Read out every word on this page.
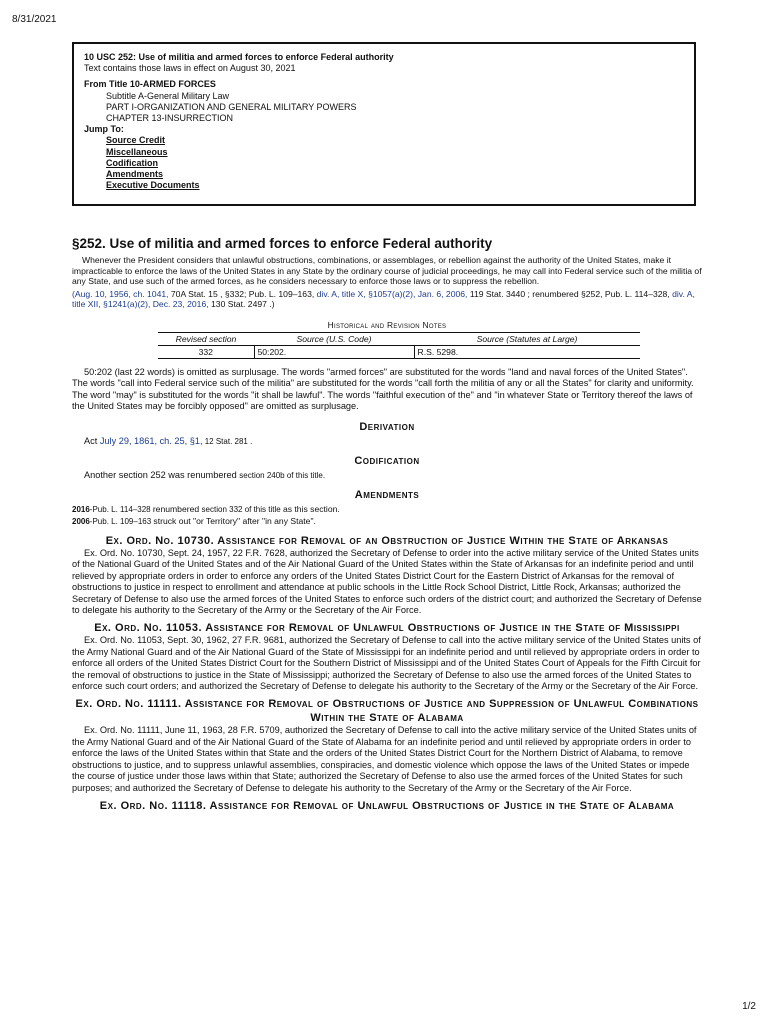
8/31/2021
10 USC 252: Use of militia and armed forces to enforce Federal authority
Text contains those laws in effect on August 30, 2021
From Title 10-ARMED FORCES
Subtitle A-General Military Law
PART I-ORGANIZATION AND GENERAL MILITARY POWERS
CHAPTER 13-INSURRECTION
Jump To:
Source Credit
Miscellaneous
Codification
Amendments
Executive Documents
§252. Use of militia and armed forces to enforce Federal authority

Whenever the President considers that unlawful obstructions, combinations, or assemblages, or rebellion against the authority of the United States, make it impracticable to enforce the laws of the United States in any State by the ordinary course of judicial proceedings, he may call into Federal service such of the militia of any State, and use such of the armed forces, as he considers necessary to enforce those laws or to suppress the rebellion.

(Aug. 10, 1956, ch. 1041, 70A Stat. 15 , §332; Pub. L. 109–163, div. A, title X, §1057(a)(2), Jan. 6, 2006, 119 Stat. 3440 ; renumbered §252, Pub. L. 114–328, div. A, title XII, §1241(a)(2), Dec. 23, 2016, 130 Stat. 2497 .)

Historical and Revision Notes
Revised section	Source (U.S. Code)	Source (Statutes at Large)
332	50:202.	R.S. 5298.

50:202 (last 22 words) is omitted as surplusage. The words "armed forces" are substituted for the words "land and naval forces of the United States". The words "call into Federal service such of the militia" are substituted for the words "call forth the militia of any or all the States" for clarity and uniformity. The word "may" is substituted for the words "it shall be lawful". The words "faithful execution of the" and "in whatever State or Territory thereof the laws of the United States may be forcibly opposed" are omitted as surplusage.

Derivation

Act July 29, 1861, ch. 25, §1, 12 Stat. 281 .

Codification

Another section 252 was renumbered section 240b of this title.

Amendments
2016-Pub. L. 114–328 renumbered section 332 of this title as this section.
2006-Pub. L. 109–163 struck out "or Territory" after "in any State".
Ex. Ord. No. 10730. Assistance for Removal of an Obstruction of Justice Within the State of Arkansas

Ex. Ord. No. 10730, Sept. 24, 1957, 22 F.R. 7628, authorized the Secretary of Defense to order into the active military service of the United States units of the National Guard of the United States and of the Air National Guard of the United States within the State of Arkansas for an indefinite period and until relieved by appropriate orders in order to enforce any orders of the United States District Court for the Eastern District of Arkansas for the removal of obstructions to justice in respect to enrollment and attendance at public schools in the Little Rock School District, Little Rock, Arkansas; authorized the Secretary of Defense to also use the armed forces of the United States to enforce such orders of the district court; and authorized the Secretary of Defense to delegate his authority to the Secretary of the Army or the Secretary of the Air Force.

Ex. Ord. No. 11053. Assistance for Removal of Unlawful Obstructions of Justice in the State of Mississippi

Ex. Ord. No. 11053, Sept. 30, 1962, 27 F.R. 9681, authorized the Secretary of Defense to call into the active military service of the United States units of the Army National Guard and of the Air National Guard of the State of Mississippi for an indefinite period and until relieved by appropriate orders in order to enforce all orders of the United States District Court for the Southern District of Mississippi and of the United States Court of Appeals for the Fifth Circuit for the removal of obstructions to justice in the State of Mississippi; authorized the Secretary of Defense to also use the armed forces of the United States to enforce such court orders; and authorized the Secretary of Defense to delegate his authority to the Secretary of the Army or the Secretary of the Air Force.

Ex. Ord. No. 11111. Assistance for Removal of Obstructions of Justice and Suppression of Unlawful Combinations Within the State of Alabama

Ex. Ord. No. 11111, June 11, 1963, 28 F.R. 5709, authorized the Secretary of Defense to call into the active military service of the United States units of the Army National Guard and of the Air National Guard of the State of Alabama for an indefinite period and until relieved by appropriate orders in order to enforce the laws of the United States within that State and the orders of the United States District Court for the Northern District of Alabama, to remove obstructions to justice, and to suppress unlawful assemblies, conspiracies, and domestic violence which oppose the laws of the United States or impede the course of justice under those laws within that State; authorized the Secretary of Defense to also use the armed forces of the United States for such purposes; and authorized the Secretary of Defense to delegate his authority to the Secretary of the Army or the Secretary of the Air Force.

Ex. Ord. No. 11118. Assistance for Removal of Unlawful Obstructions of Justice in the State of Alabama
1/2
